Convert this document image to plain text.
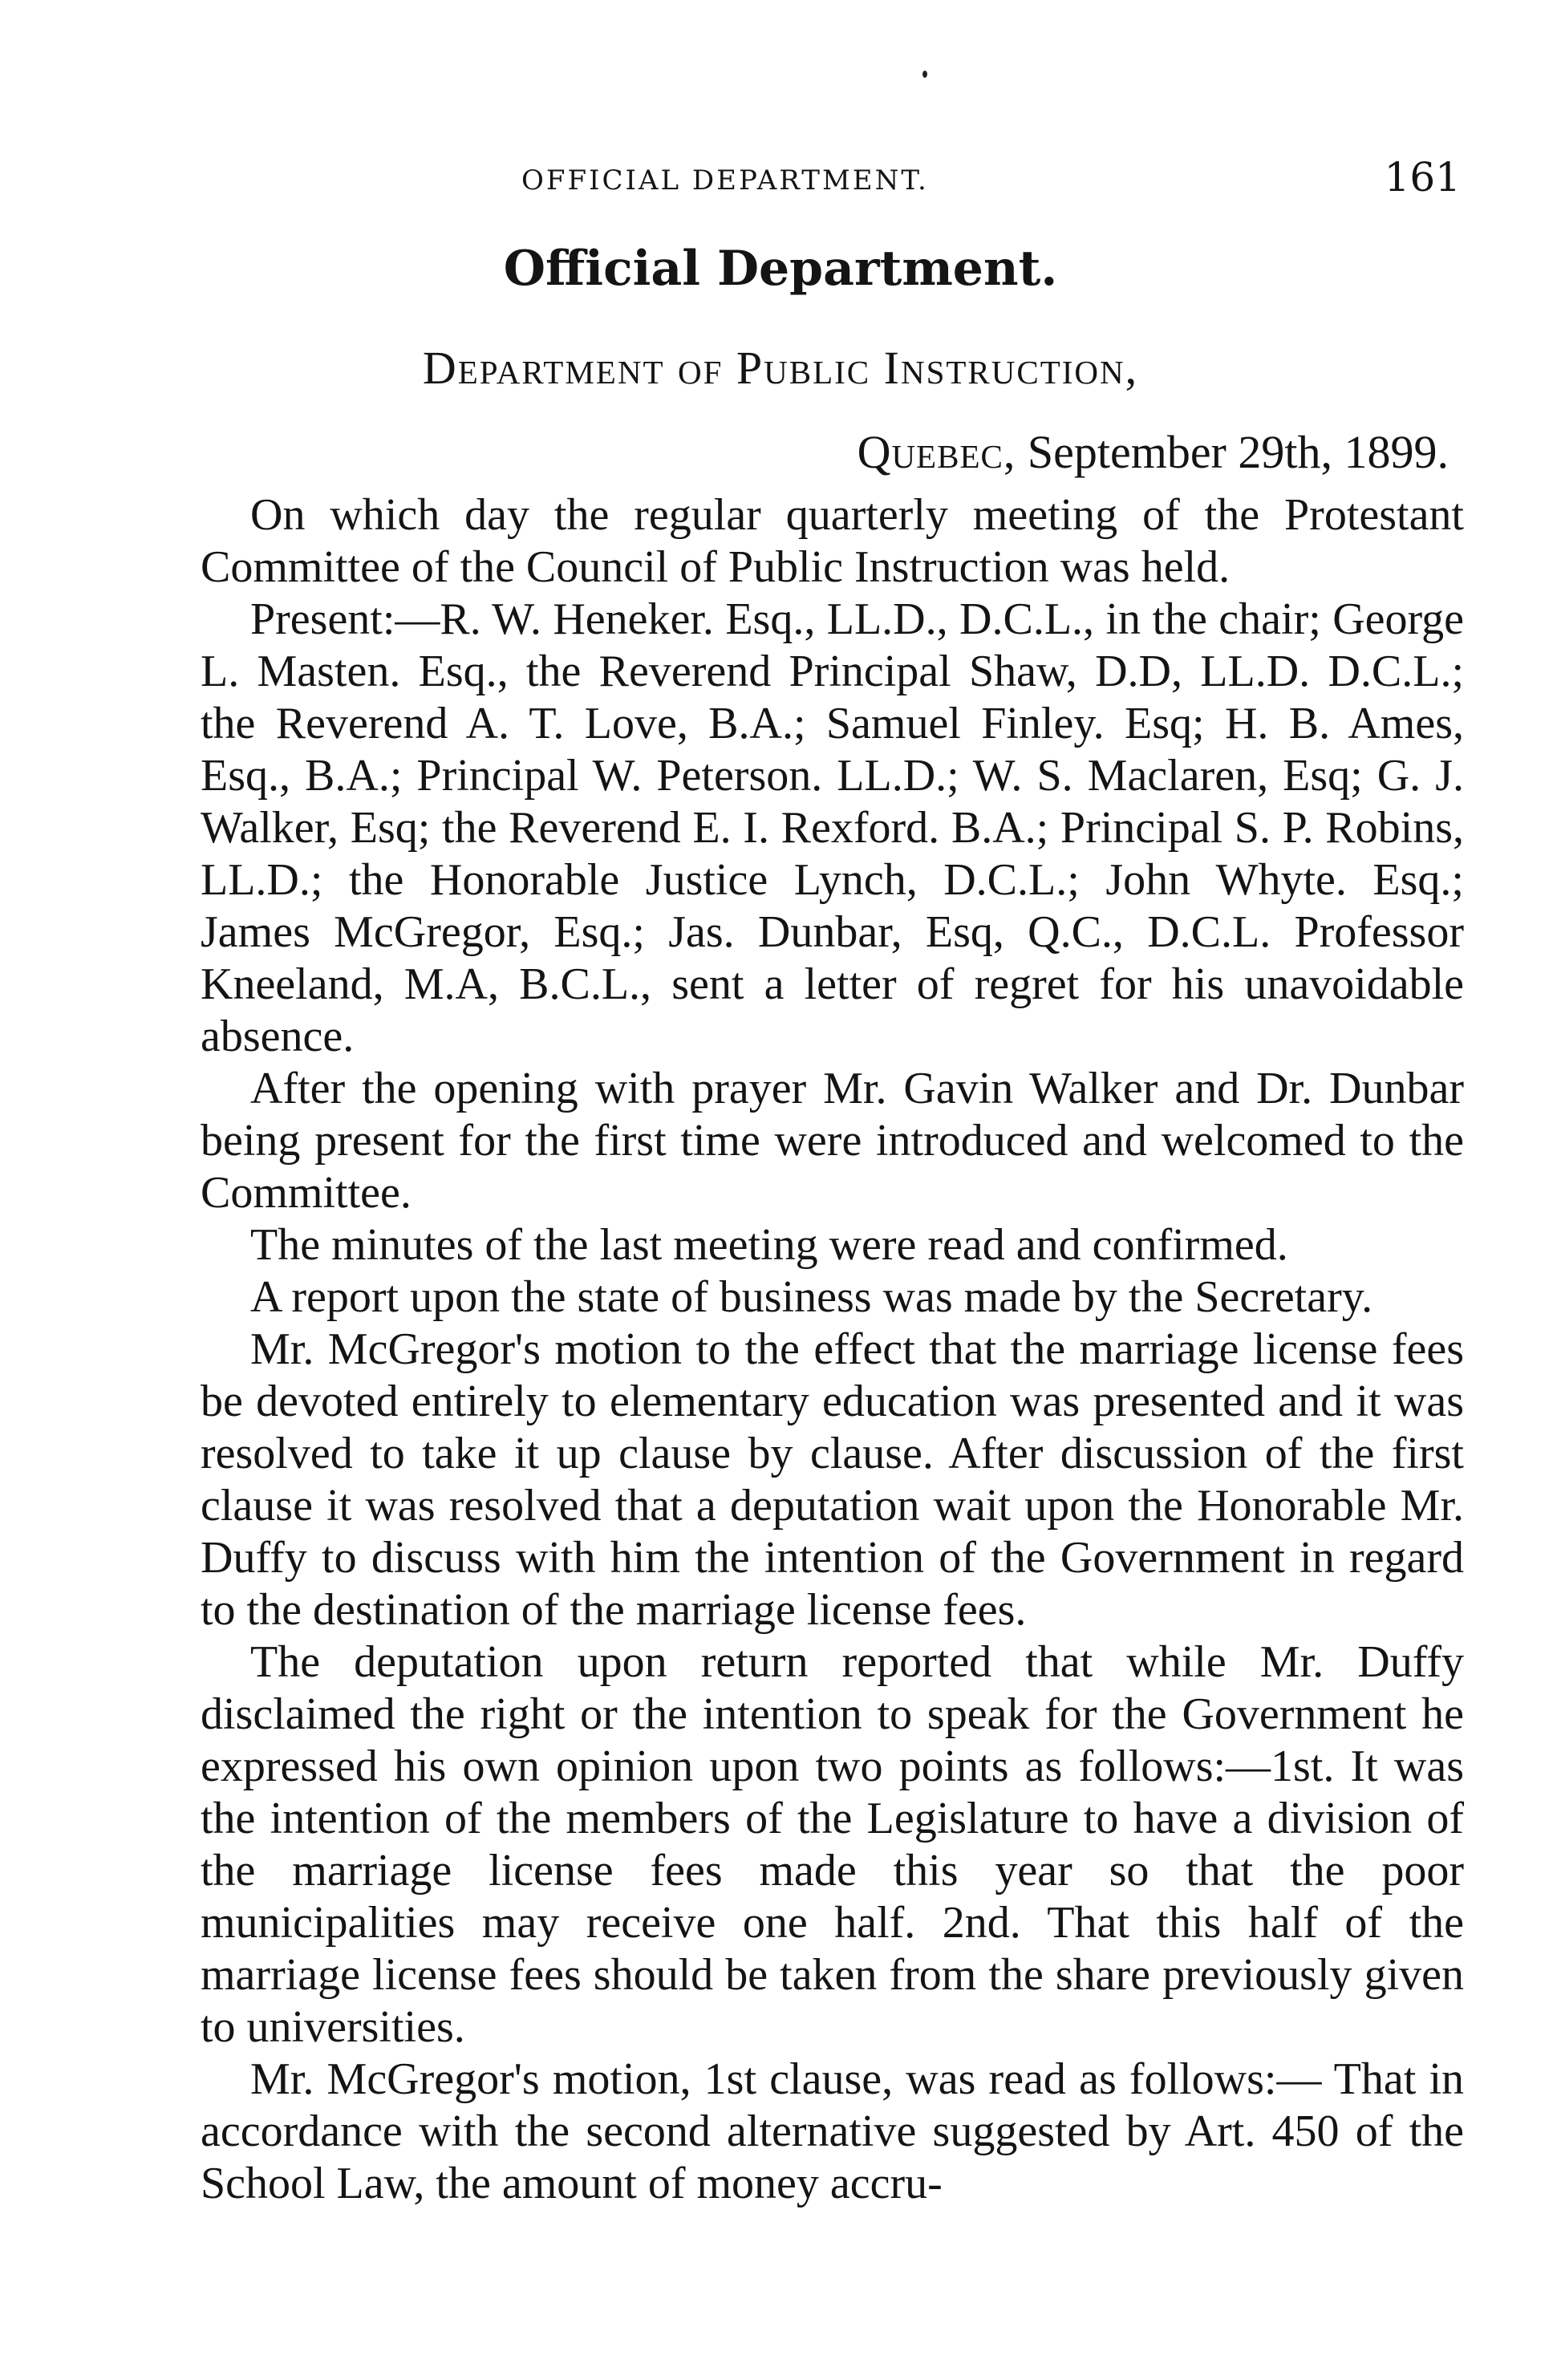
OFFICIAL DEPARTMENT.	161
Official Department.
Department of Public Instruction,
Quebec, September 29th, 1899.

On which day the regular quarterly meeting of the Protestant Committee of the Council of Public Instruction was held.

Present:—R. W. Heneker. Esq., LL.D., D.C.L., in the chair; George L. Masten. Esq., the Reverend Principal Shaw, D.D, LL.D. D.C.L.; the Reverend A. T. Love, B.A.; Samuel Finley. Esq; H. B. Ames, Esq., B.A.; Principal W. Peterson. LL.D.; W. S. Maclaren, Esq; G. J. Walker, Esq; the Reverend E. I. Rexford. B.A.; Principal S. P. Robins, LL.D.; the Honorable Justice Lynch, D.C.L.; John Whyte. Esq.; James McGregor, Esq.; Jas. Dunbar, Esq, Q.C., D.C.L. Professor Kneeland, M.A, B.C.L., sent a letter of regret for his unavoidable absence.

After the opening with prayer Mr. Gavin Walker and Dr. Dunbar being present for the first time were introduced and welcomed to the Committee.

The minutes of the last meeting were read and confirmed.

A report upon the state of business was made by the Secretary.

Mr. McGregor's motion to the effect that the marriage license fees be devoted entirely to elementary education was presented and it was resolved to take it up clause by clause. After discussion of the first clause it was resolved that a deputation wait upon the Honorable Mr. Duffy to discuss with him the intention of the Government in regard to the destination of the marriage license fees.

The deputation upon return reported that while Mr. Duffy disclaimed the right or the intention to speak for the Government he expressed his own opinion upon two points as follows:—1st. It was the intention of the members of the Legislature to have a division of the marriage license fees made this year so that the poor municipalities may receive one half. 2nd. That this half of the marriage license fees should be taken from the share previously given to universities.

Mr. McGregor's motion, 1st clause, was read as follows:— That in accordance with the second alternative suggested by Art. 450 of the School Law, the amount of money accru-
